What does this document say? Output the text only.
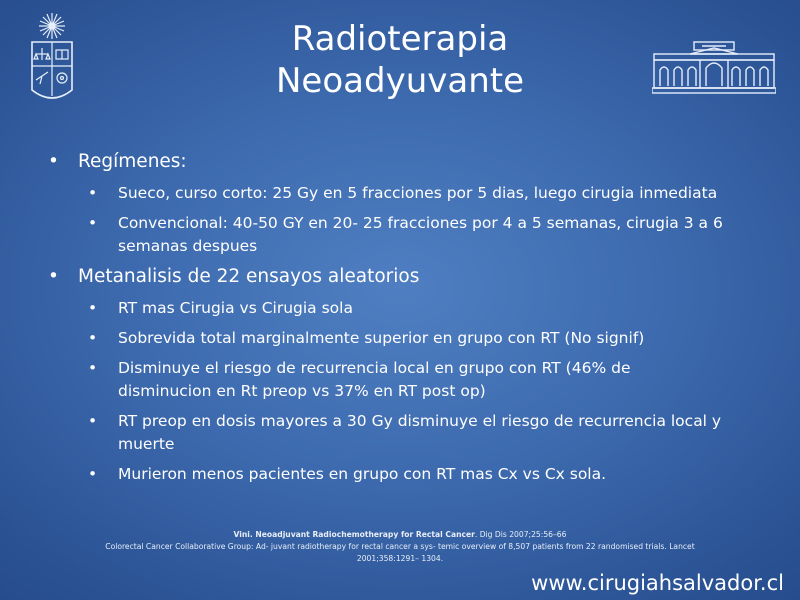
Radioterapia
Neoadyuvante
• Regímenes:
• Sueco, curso corto: 25 Gy en 5 fracciones por 5 dias, luego cirugia inmediata
• Convencional: 40-50 GY en 20- 25 fracciones por 4 a 5 semanas, cirugia 3 a 6
semanas despues
• Metanalisis de 22 ensayos aleatorios
• RT mas Cirugia vs Cirugia sola
• Sobrevida total marginalmente superior en grupo con RT (No signif)
• Disminuye el riesgo de recurrencia local en grupo con RT (46% de
disminucion en Rt preop vs 37% en RT post op)
• RT preop en dosis mayores a 30 Gy disminuye el riesgo de recurrencia local y
muerte
• Murieron menos pacientes en grupo con RT mas Cx vs Cx sola.
Vini. Neoadjuvant Radiochemotherapy for Rectal Cancer. Dig Dis 2007;25:56–66
Colorectal Cancer Collaborative Group: Ad- juvant radiotherapy for rectal cancer a sys- temic overview of 8,507 patients from 22 randomised trials. Lancet
2001;358:1291– 1304.
www.cirugiahsalvador.cl
